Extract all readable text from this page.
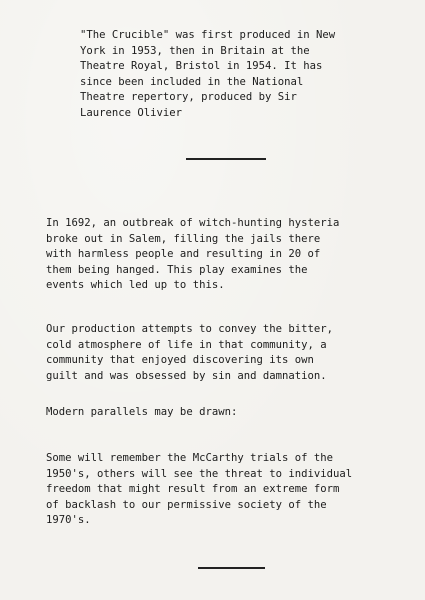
"The Crucible" was first produced in New
York in 1953, then in Britain at the
Theatre Royal, Bristol in 1954. It has
since been included in the National
Theatre repertory, produced by Sir
Laurence Olivier
In 1692, an outbreak of witch-hunting hysteria
broke out in Salem, filling the jails there
with harmless people and resulting in 20 of
them being hanged. This play examines the
events which led up to this.
Our production attempts to convey the bitter,
cold atmosphere of life in that community, a
community that enjoyed discovering its own
guilt and was obsessed by sin and damnation.
Modern parallels may be drawn:
Some will remember the McCarthy trials of the
1950's, others will see the threat to individual
freedom that might result from an extreme form
of backlash to our permissive society of the
1970's.
